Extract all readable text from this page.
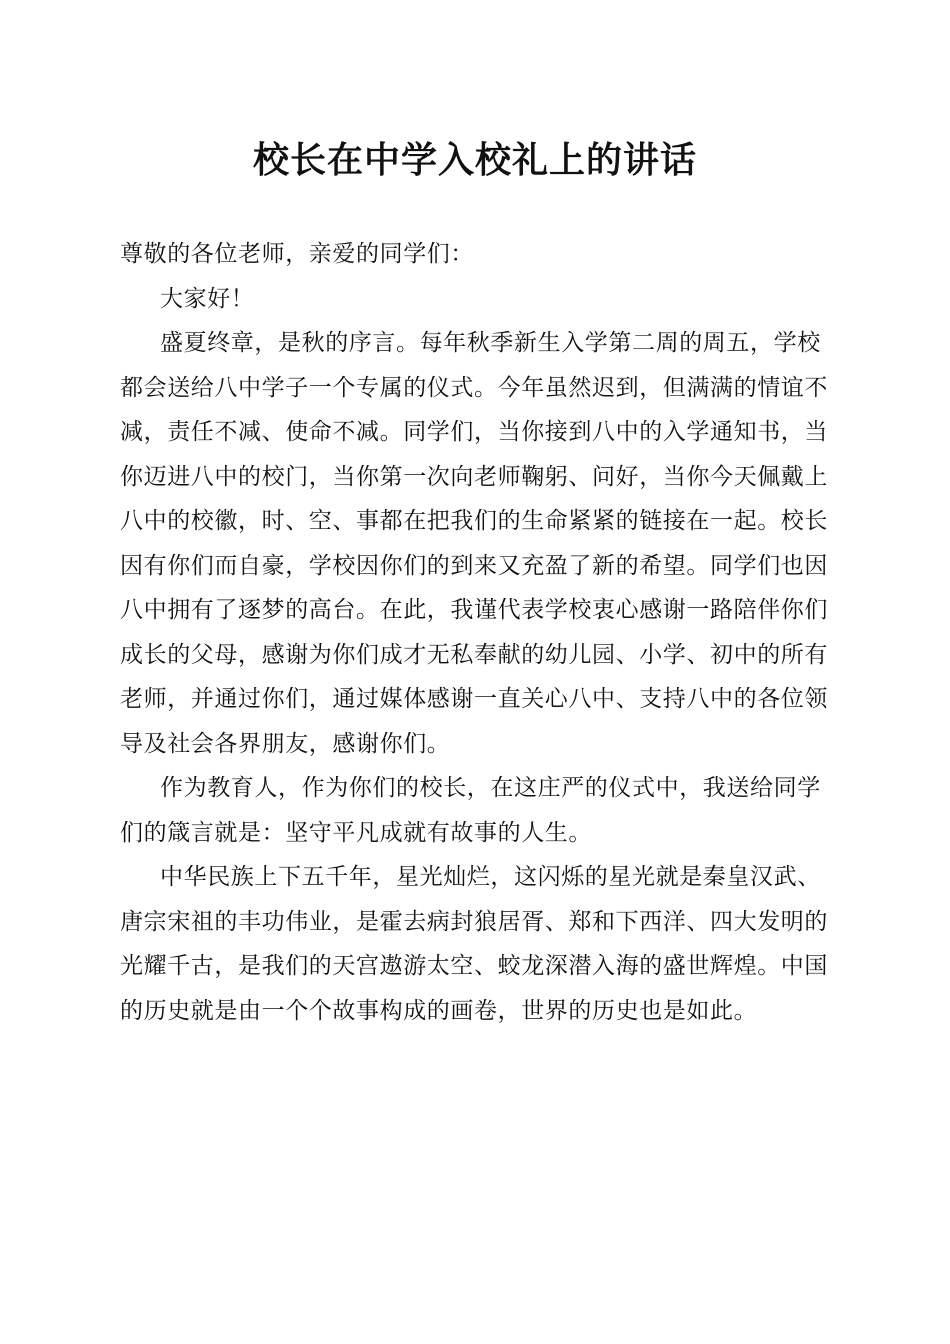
校长在中学入校礼上的讲话

尊敬的各位老师，亲爱的同学们：

大家好！

盛夏终章，是秋的序言。每年秋季新生入学第二周的周五，学校都会送给八中学子一个专属的仪式。今年虽然迟到，但满满的情谊不减，责任不减、使命不减。同学们，当你接到八中的入学通知书，当你迈进八中的校门，当你第一次向老师鞠躬、问好，当你今天佩戴上八中的校徽，时、空、事都在把我们的生命紧紧的链接在一起。校长因有你们而自豪，学校因你们的到来又充盈了新的希望。同学们也因八中拥有了逐梦的高台。在此，我谨代表学校衷心感谢一路陪伴你们成长的父母，感谢为你们成才无私奉献的幼儿园、小学、初中的所有老师，并通过你们，通过媒体感谢一直关心八中、支持八中的各位领导及社会各界朋友，感谢你们。

作为教育人，作为你们的校长，在这庄严的仪式中，我送给同学们的箴言就是：坚守平凡成就有故事的人生。

中华民族上下五千年，星光灿烂，这闪烁的星光就是秦皇汉武、唐宗宋祖的丰功伟业，是霍去病封狼居胥、郑和下西洋、四大发明的光耀千古，是我们的天宫遨游太空、蛟龙深潜入海的盛世辉煌。中国的历史就是由一个个故事构成的画卷，世界的历史也是如此。
